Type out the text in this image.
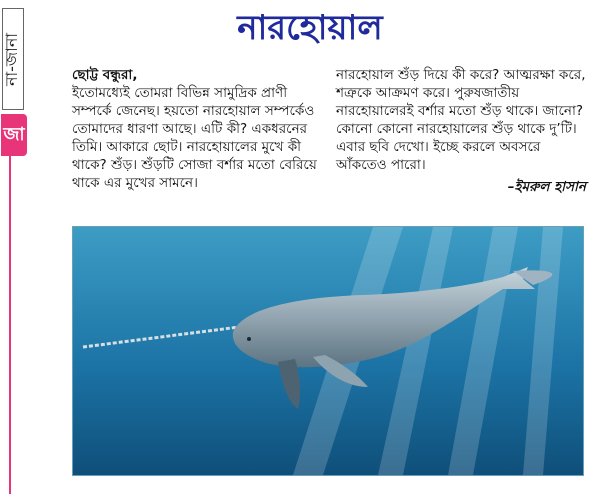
না-জানা
জা
নারহোয়াল

ছোট্ট বন্ধুরা,

ইতোমধ্যেই তোমরা বিভিন্ন সামুদ্রিক প্রাণী সম্পর্কে জেনেছ। হয়তো নারহোয়াল সম্পর্কেও তোমাদের ধারণা আছে। এটি কী? একধরনের তিমি। আকারে ছোট। নারহোয়ালের মুখে কী থাকে? শুঁড়। শুঁড়টি সোজা বর্শার মতো বেরিয়ে থাকে এর মুখের সামনে।

নারহোয়াল শুঁড় দিয়ে কী করে? আত্মরক্ষা করে, শত্রুকে আক্রমণ করে। পুরুষজাতীয় নারহোয়ালেরই বর্শার মতো শুঁড় থাকে। জানো? কোনো কোনো নারহোয়ালের শুঁড় থাকে দু’টি। এবার ছবি দেখো। ইচ্ছে করলে অবসরে আঁকতেও পারো।

–ইমরুল হাসান
